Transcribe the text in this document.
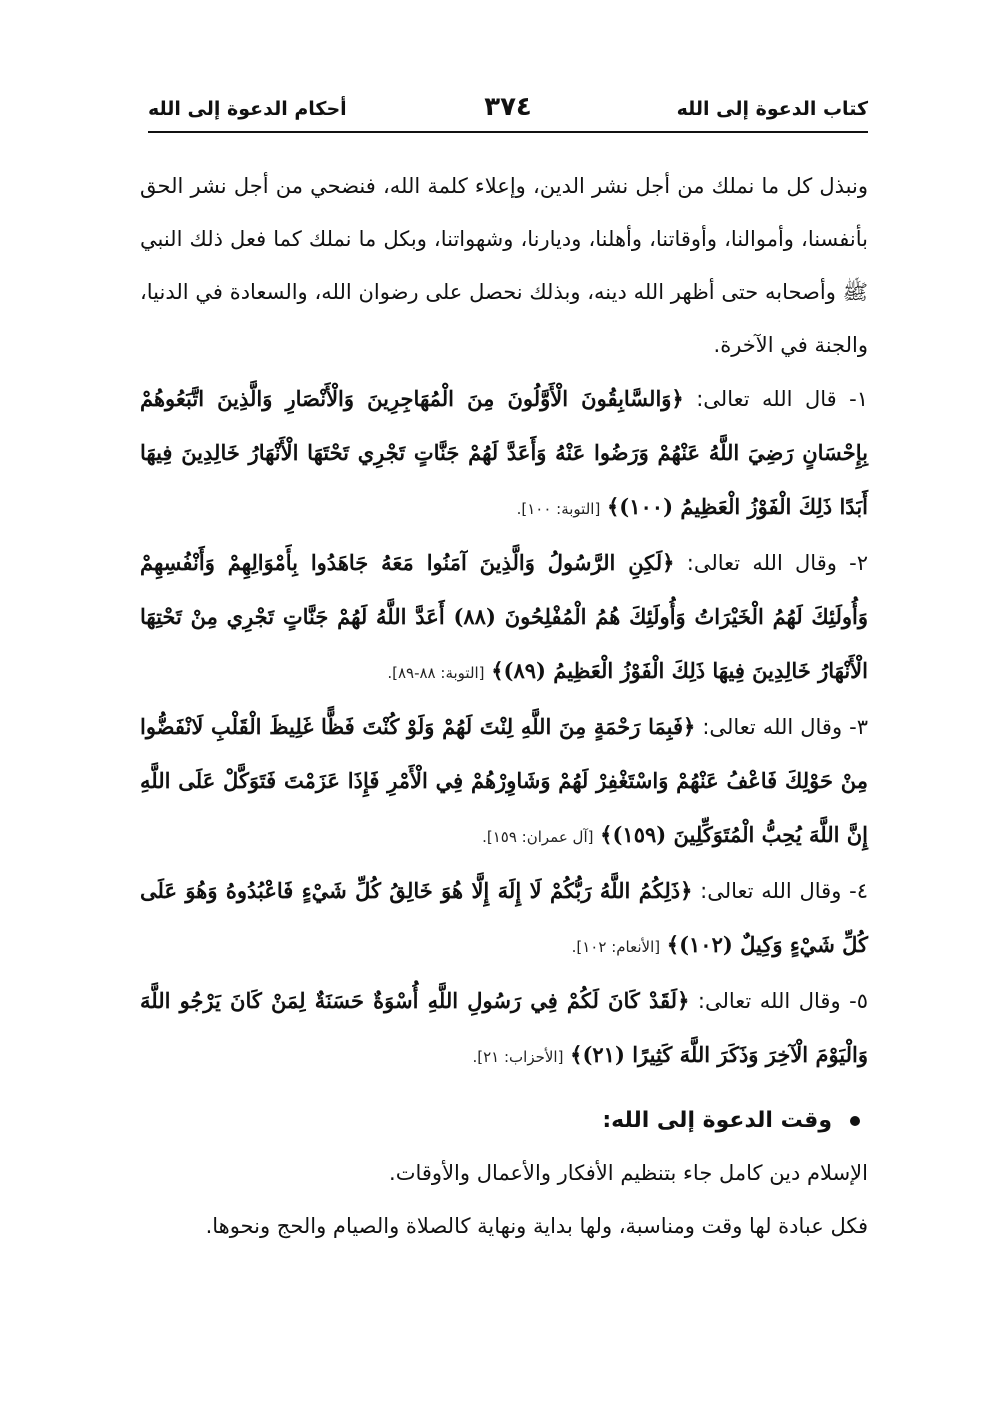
كتاب الدعوة إلى الله
٣٧٤
أحكام الدعوة إلى الله

ونبذل كل ما نملك من أجل نشر الدين، وإعلاء كلمة الله، فنضحي من أجل نشر الحق بأنفسنا، وأموالنا، وأوقاتنا، وأهلنا، وديارنا، وشهواتنا، وبكل ما نملك كما فعل ذلك النبي ﷺ وأصحابه حتى أظهر الله دينه، وبذلك نحصل على رضوان الله، والسعادة في الدنيا، والجنة في الآخرة.

١- قال الله تعالى: ﴿وَالسَّابِقُونَ الْأَوَّلُونَ مِنَ الْمُهَاجِرِينَ وَالْأَنْصَارِ وَالَّذِينَ اتَّبَعُوهُمْ بِإِحْسَانٍ رَضِيَ اللَّهُ عَنْهُمْ وَرَضُوا عَنْهُ وَأَعَدَّ لَهُمْ جَنَّاتٍ تَجْرِي تَحْتَهَا الْأَنْهَارُ خَالِدِينَ فِيهَا أَبَدًا ذَلِكَ الْفَوْزُ الْعَظِيمُ (١٠٠)﴾ [التوبة: ١٠٠].

٢- وقال الله تعالى: ﴿لَكِنِ الرَّسُولُ وَالَّذِينَ آمَنُوا مَعَهُ جَاهَدُوا بِأَمْوَالِهِمْ وَأَنْفُسِهِمْ وَأُولَئِكَ لَهُمُ الْخَيْرَاتُ وَأُولَئِكَ هُمُ الْمُفْلِحُونَ (٨٨) أَعَدَّ اللَّهُ لَهُمْ جَنَّاتٍ تَجْرِي مِنْ تَحْتِهَا الْأَنْهَارُ خَالِدِينَ فِيهَا ذَلِكَ الْفَوْزُ الْعَظِيمُ (٨٩)﴾ [التوبة: ٨٨-٨٩].

٣- وقال الله تعالى: ﴿فَبِمَا رَحْمَةٍ مِنَ اللَّهِ لِنْتَ لَهُمْ وَلَوْ كُنْتَ فَظًّا غَلِيظَ الْقَلْبِ لَانْفَضُّوا مِنْ حَوْلِكَ فَاعْفُ عَنْهُمْ وَاسْتَغْفِرْ لَهُمْ وَشَاوِرْهُمْ فِي الْأَمْرِ فَإِذَا عَزَمْتَ فَتَوَكَّلْ عَلَى اللَّهِ إِنَّ اللَّهَ يُحِبُّ الْمُتَوَكِّلِينَ (١٥٩)﴾ [آل عمران: ١٥٩].

٤- وقال الله تعالى: ﴿ذَلِكُمُ اللَّهُ رَبُّكُمْ لَا إِلَهَ إِلَّا هُوَ خَالِقُ كُلِّ شَيْءٍ فَاعْبُدُوهُ وَهُوَ عَلَى كُلِّ شَيْءٍ وَكِيلٌ (١٠٢)﴾ [الأنعام: ١٠٢].

٥- وقال الله تعالى: ﴿لَقَدْ كَانَ لَكُمْ فِي رَسُولِ اللَّهِ أُسْوَةٌ حَسَنَةٌ لِمَنْ كَانَ يَرْجُو اللَّهَ وَالْيَوْمَ الْآخِرَ وَذَكَرَ اللَّهَ كَثِيرًا (٢١)﴾ [الأحزاب: ٢١].

وقت الدعوة إلى الله:

الإسلام دين كامل جاء بتنظيم الأفكار والأعمال والأوقات.

فكل عبادة لها وقت ومناسبة، ولها بداية ونهاية كالصلاة والصيام والحج ونحوها.
